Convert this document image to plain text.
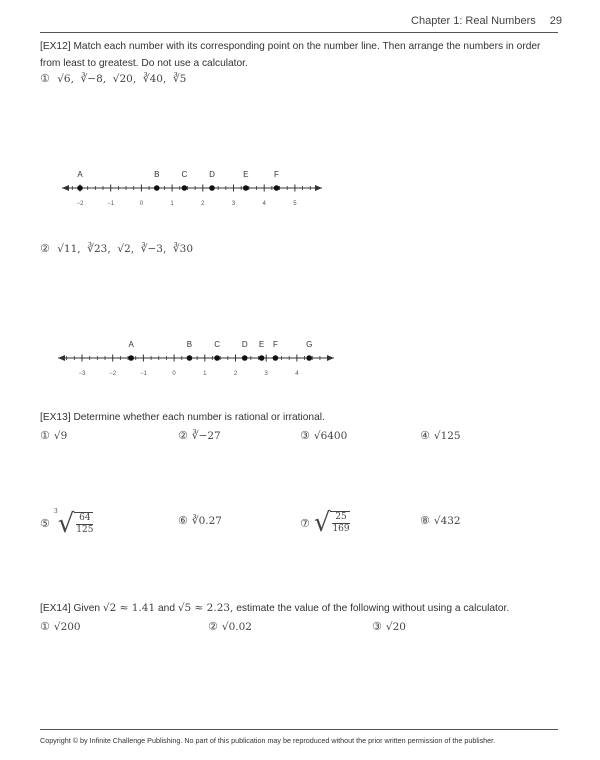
Chapter 1: Real Numbers 29
[EX12] Match each number with its corresponding point on the number line. Then arrange the numbers in order from least to greatest. Do not use a calculator.
① √6,  ∛−8,  √20,  ∛40,  ∛5
−2	−1	0	1	2	3	4	5
A	B	C	D	E	F
② √11,  ∛23,  √2,  ∛−3,  ∛30
−3	−2	−1	0	1	2	3	4
A	B	C	D E F	G
[EX13] Determine whether each number is rational or irrational.
① √9	② ∛−27	③ √6400	④ √125
⑤$^3$√ $\frac{64}{125}$	⑥ ∛0.27	⑦ √ $\frac{25}{169}$	⑧ √432
[EX14] Given √2 ≈ 1.41 and √5 ≈ 2.23, estimate the value of the following without using a calculator.
① √200	② √0.02	③ √20
Copyright © by Infinite Challenge Publishing. No part of this publication may be reproduced without the prior written permission of the publisher.
